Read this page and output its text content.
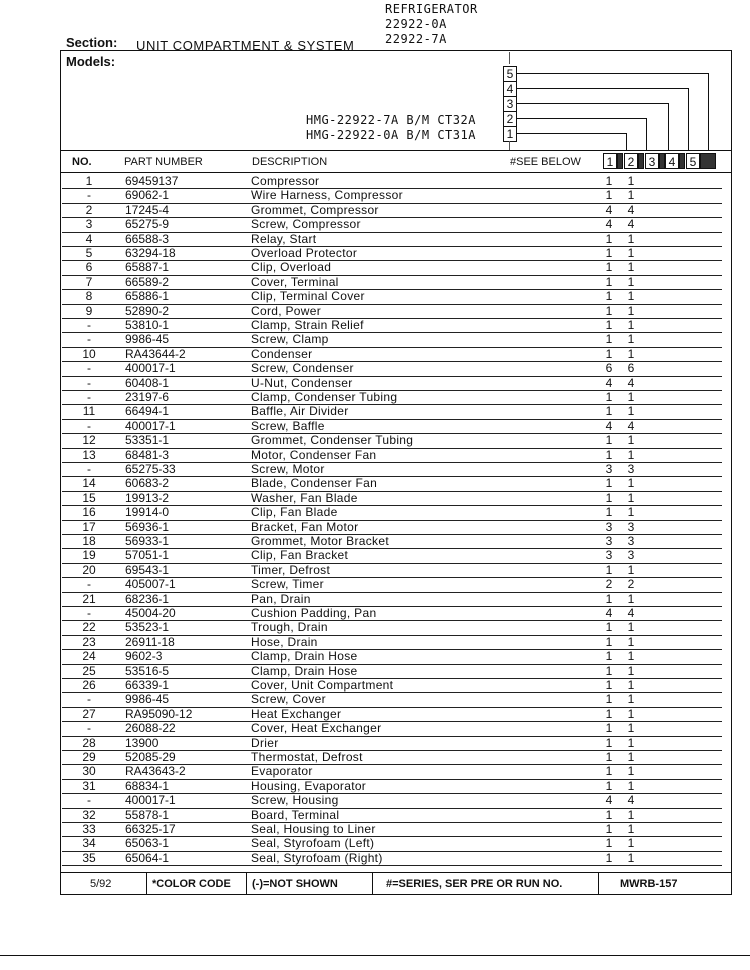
REFRIGERATOR
22922-0A
22922-7A
Section: UNIT COMPARTMENT & SYSTEM
Models:
HMG-22922-7A B/M CT32A
HMG-22922-0A B/M CT31A
5
4
3
2
1
NO.	PART NUMBER	DESCRIPTION	#SEE BELOW	1	2	3	4	5
1	69459137	Compressor	1 1
-	69062-1	Wire Harness, Compressor	1 1
2	17245-4	Grommet, Compressor	4 4
3	65275-9	Screw, Compressor	4 4
4	66588-3	Relay, Start	1 1
5	63294-18	Overload Protector	1 1
6	65887-1	Clip, Overload	1 1
7	66589-2	Cover, Terminal	1 1
8	65886-1	Clip, Terminal Cover	1 1
9	52890-2	Cord, Power	1 1
-	53810-1	Clamp, Strain Relief	1 1
-	9986-45	Screw, Clamp	1 1
10	RA43644-2	Condenser	1 1
-	400017-1	Screw, Condenser	6 6
-	60408-1	U-Nut, Condenser	4 4
-	23197-6	Clamp, Condenser Tubing	1 1
11	66494-1	Baffle, Air Divider	1 1
-	400017-1	Screw, Baffle	4 4
12	53351-1	Grommet, Condenser Tubing	1 1
13	68481-3	Motor, Condenser Fan	1 1
-	65275-33	Screw, Motor	3 3
14	60683-2	Blade, Condenser Fan	1 1
15	19913-2	Washer, Fan Blade	1 1
16	19914-0	Clip, Fan Blade	1 1
17	56936-1	Bracket, Fan Motor	3 3
18	56933-1	Grommet, Motor Bracket	3 3
19	57051-1	Clip, Fan Bracket	3 3
20	69543-1	Timer, Defrost	1 1
-	405007-1	Screw, Timer	2 2
21	68236-1	Pan, Drain	1 1
-	45004-20	Cushion Padding, Pan	4 4
22	53523-1	Trough, Drain	1 1
23	26911-18	Hose, Drain	1 1
24	9602-3	Clamp, Drain Hose	1 1
25	53516-5	Clamp, Drain Hose	1 1
26	66339-1	Cover, Unit Compartment	1 1
-	9986-45	Screw, Cover	1 1
27	RA95090-12	Heat Exchanger	1 1
-	26088-22	Cover, Heat Exchanger	1 1
28	13900	Drier	1 1
29	52085-29	Thermostat, Defrost	1 1
30	RA43643-2	Evaporator	1 1
31	68834-1	Housing, Evaporator	1 1
-	400017-1	Screw, Housing	4 4
32	55878-1	Board, Terminal	1 1
33	66325-17	Seal, Housing to Liner	1 1
34	65063-1	Seal, Styrofoam (Left)	1 1
35	65064-1	Seal, Styrofoam (Right)	1 1
5/92	*COLOR CODE (-)=NOT SHOWN	#=SERIES, SER PRE OR RUN NO.	MWRB-157
